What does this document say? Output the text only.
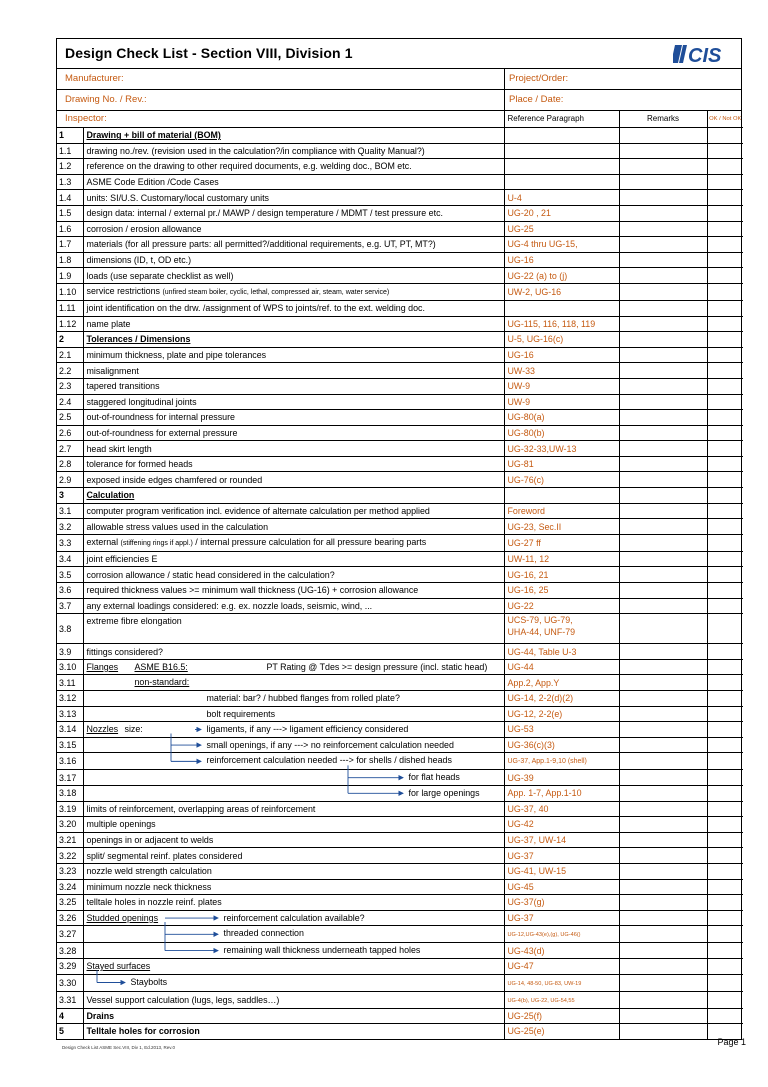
Design Check List - Section VIII, Division 1	CIS
Manufacturer:	Project/Order:
Drawing No. / Rev.:	Place / Date:
Inspector:		Reference Paragraph	Remarks	OK / Not OK
1	Drawing + bill of material (BOM)			
1.1	drawing no./rev. (revision used in the calculation?/in compliance with Quality Manual?)			
1.2	reference on the drawing to other required documents, e.g. welding doc., BOM etc.			
1.3	ASME Code Edition /Code Cases			
1.4	units: SI/U.S. Customary/local customary units	U-4		
1.5	design data: internal / external pr./ MAWP / design temperature / MDMT / test pressure etc.	UG-20 , 21		
1.6	corrosion / erosion allowance	UG-25		
1.7	materials (for all pressure parts: all permitted?/additional requirements, e.g. UT, PT, MT?)	UG-4 thru UG-15,		
1.8	dimensions (ID, t, OD etc.)	UG-16		
1.9	loads (use separate checklist as well)	UG-22 (a) to (j)		
1.10	service restrictions (unfired steam boiler, cyclic, lethal, compressed air, steam, water service)	UW-2, UG-16		
1.11	joint identification on the drw. /assignment of WPS to joints/ref. to the ext. welding doc.			
1.12	name plate	UG-115, 116, 118, 119		
2	Tolerances / Dimensions	U-5, UG-16(c)		
2.1	minimum thickness, plate and pipe tolerances	UG-16		
2.2	misalignment	UW-33		
2.3	tapered transitions	UW-9		
2.4	staggered longitudinal joints	UW-9		
2.5	out-of-roundness for internal pressure	UG-80(a)		
2.6	out-of-roundness for external pressure	UG-80(b)		
2.7	head skirt length	UG-32-33,UW-13		
2.8	tolerance for formed heads	UG-81		
2.9	exposed inside edges chamfered or rounded	UG-76(c)		
3	Calculation			
3.1	computer program verification incl. evidence of alternate calculation per method applied	Foreword		
3.2	allowable stress values used in the calculation	UG-23, Sec.II		
3.3	external (stiffening rings if appl.) / internal pressure calculation for all pressure bearing parts	UG-27 ff		
3.4	joint efficiencies E	UW-11, 12		
3.5	corrosion allowance / static head considered in the calculation?	UG-16, 21		
3.6	required thickness values >= minimum wall thickness (UG-16) + corrosion allowance	UG-16, 25		
3.7	any external loadings considered: e.g. ex. nozzle loads, seismic, wind, ...	UG-22		
3.8	extreme fibre elongation	UCS-79, UG-79,
UHA-44, UNF-79		
3.9	fittings considered?	UG-44, Table U-3		
3.10	Flanges ASME B16.5: PT Rating @ Tdes >= design pressure (incl. static head)	UG-44		
3.11	non-standard:	App.2, App.Y		
3.12	material: bar? / hubbed flanges from rolled plate?	UG-14, 2-2(d)(2)		
3.13	bolt requirements	UG-12, 2-2(e)		
3.14	Nozzles size: ligaments, if any ---> ligament efficiency considered	UG-53		
3.15	small openings, if any ---> no reinforcement calculation needed	UG-36(c)(3)		
3.16	reinforcement calculation needed ---> for shells / dished heads	UG-37, App.1-9,10 (shell)		
3.17	for flat heads	UG-39		
3.18	for large openings	App. 1-7, App.1-10		
3.19	limits of reinforcement, overlapping areas of reinforcement	UG-37, 40		
3.20	multiple openings	UG-42		
3.21	openings in or adjacent to welds	UG-37, UW-14		
3.22	split/ segmental reinf. plates considered	UG-37		
3.23	nozzle weld strength calculation	UG-41, UW-15		
3.24	minimum nozzle neck thickness	UG-45		
3.25	telltale holes in nozzle reinf. plates	UG-37(g)		
3.26	Studded openings reinforcement calculation available?	UG-37		
3.27	threaded connection	UG-12,UG-43(e),(g), UG-46()		
3.28	remaining wall thickness underneath tapped holes	UG-43(d)		
3.29	Stayed surfaces	UG-47		
3.30	Staybolts	UG-14, 48-50, UG-83, UW-19		
3.31	Vessel support calculation (lugs, legs, saddles…)	UG-4(b), UG-22, UG-54,55		
4	Drains	UG-25(f)		
5	Telltale holes for corrosion	UG-25(e)		
Design Check List ASME Sec.VIII, Div 1, Ed.2013, Rev.0
Page 1
